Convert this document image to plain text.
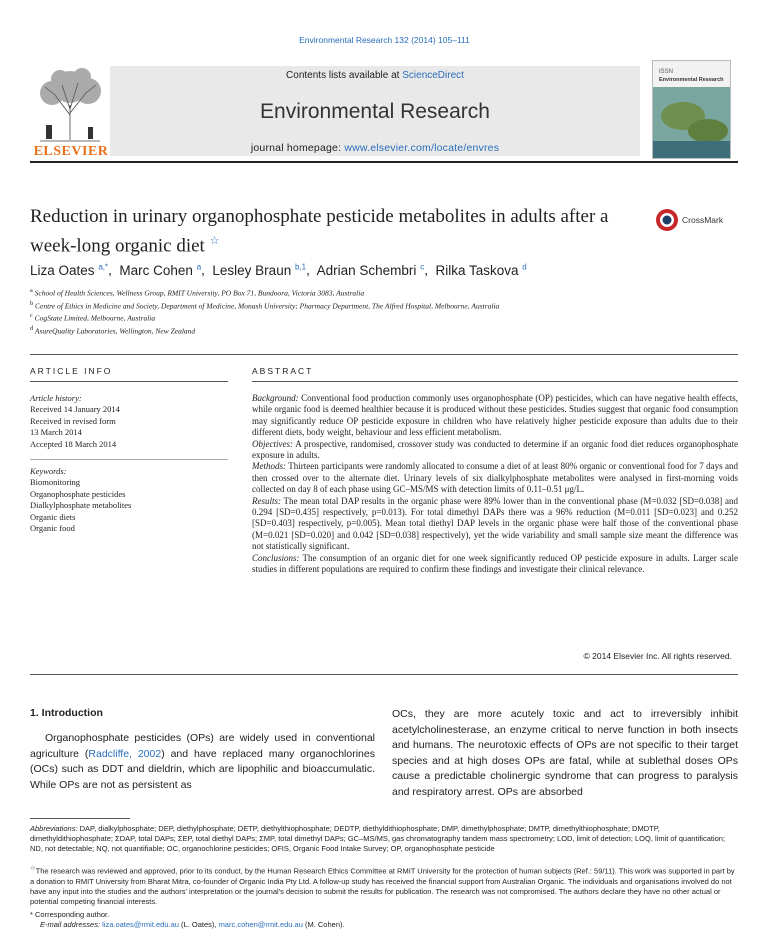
Environmental Research 132 (2014) 105–111
ELSEVIER
Contents lists available at ScienceDirect
Environmental Research
journal homepage: www.elsevier.com/locate/envres
ISSN
Environmental Research
Reduction in urinary organophosphate pesticide metabolites in adults after a week-long organic diet ☆
CrossMark
Liza Oates $^{a,*}$,  Marc Cohen $^a$,  Lesley Braun $^{b,1}$,  Adrian Schembri $^c$,  Rilka Taskova $^d$
$^a$ School of Health Sciences, Wellness Group, RMIT University, PO Box 71, Bundoora, Victoria 3083, Australia
$^b$ Centre of Ethics in Medicine and Society, Department of Medicine, Monash University; Pharmacy Department, The Alfred Hospital, Melbourne, Australia
$^c$ CogState Limited, Melbourne, Australia
$^d$ AsureQuality Laboratories, Wellington, New Zealand
ARTICLE INFO	ABSTRACT
Article history:
Received 14 January 2014
Received in revised form
13 March 2014
Accepted 18 March 2014
Keywords:
Biomonitoring
Organophosphate pesticides
Dialkylphosphate metabolites
Organic diets
Organic food

Background: Conventional food production commonly uses organophosphate (OP) pesticides, which can have negative health effects, while organic food is deemed healthier because it is produced without these pesticides. Studies suggest that organic food consumption may significantly reduce OP pesticide exposure in children who have relatively higher pesticide exposure than adults due to their different diets, body weight, behaviour and less efficient metabolism.

Objectives: A prospective, randomised, crossover study was conducted to determine if an organic food diet reduces organophosphate exposure in adults.

Methods: Thirteen participants were randomly allocated to consume a diet of at least 80% organic or conventional food for 7 days and then crossed over to the alternate diet. Urinary levels of six dialkylphosphate metabolites were analysed in first-morning voids collected on day 8 of each phase using GC–MS/MS with detection limits of 0.11–0.51 μg/L.

Results: The mean total DAP results in the organic phase were 89% lower than in the conventional phase (M=0.032 [SD=0.038] and 0.294 [SD=0.435] respectively, p=0.013). For total dimethyl DAPs there was a 96% reduction (M=0.011 [SD=0.023] and 0.252 [SD=0.403] respectively, p=0.005). Mean total diethyl DAP levels in the organic phase were half those of the conventional phase (M=0.021 [SD=0.020] and 0.042 [SD=0.038] respectively), yet the wide variability and small sample size meant the difference was not statistically significant.

Conclusions: The consumption of an organic diet for one week significantly reduced OP pesticide exposure in adults. Larger scale studies in different populations are required to confirm these findings and investigate their clinical relevance.

© 2014 Elsevier Inc. All rights reserved.
1. Introduction
Organophosphate pesticides (OPs) are widely used in conventional agriculture (Radcliffe, 2002) and have replaced many organochlorines (OCs) such as DDT and dieldrin, which are lipophilic and bioaccumulatic. While OPs are not as persistent as
OCs, they are more acutely toxic and act to irreversibly inhibit acetylcholinesterase, an enzyme critical to nerve function in both insects and humans. The neurotoxic effects of OPs are not specific to their target species and at high doses OPs are fatal, while at sublethal doses OPs cause a predictable cholinergic syndrome that can progress to paralysis and respiratory arrest. OPs are absorbed
Abbreviations: DAP, dialkylphosphate; DEP, diethylphosphate; DETP, diethylthiophosphate; DEDTP, diethyldithiophosphate; DMP, dimethylphosphate; DMTP, dimethylthiophosphate; DMDTP, dimethyldithiophosphate; ΣDAP, total DAPs; ΣEP, total diethyl DAPs; ΣMP, total dimethyl DAPs; GC–MS/MS, gas chromatography tandem mass spectrometry; LOD, limit of detection; LOQ, limit of quantification; ND, not detectable; NQ, not quantifiable; OC, organochlorine pesticides; OFIS, Organic Food Intake Survey; OP, organophosphate pesticide
☆The research was reviewed and approved, prior to its conduct, by the Human Research Ethics Committee at RMIT University for the protection of human subjects (Ref.: 59/11). This work was supported in part by a donation to RMIT University from Bharat Mitra, co-founder of Organic India Pty Ltd. A follow-up study has received the financial support from Australian Organic. The individuals and organisations involved do not have any input into the studies and the authors' interpretation or the journal's decision to submit the results for publication. The research was not compromised. The authors declare they have no other actual or potential competing financial interests.
* Corresponding author.
E-mail addresses: liza.oates@rmit.edu.au (L. Oates), marc.cohen@rmit.edu.au (M. Cohen).
